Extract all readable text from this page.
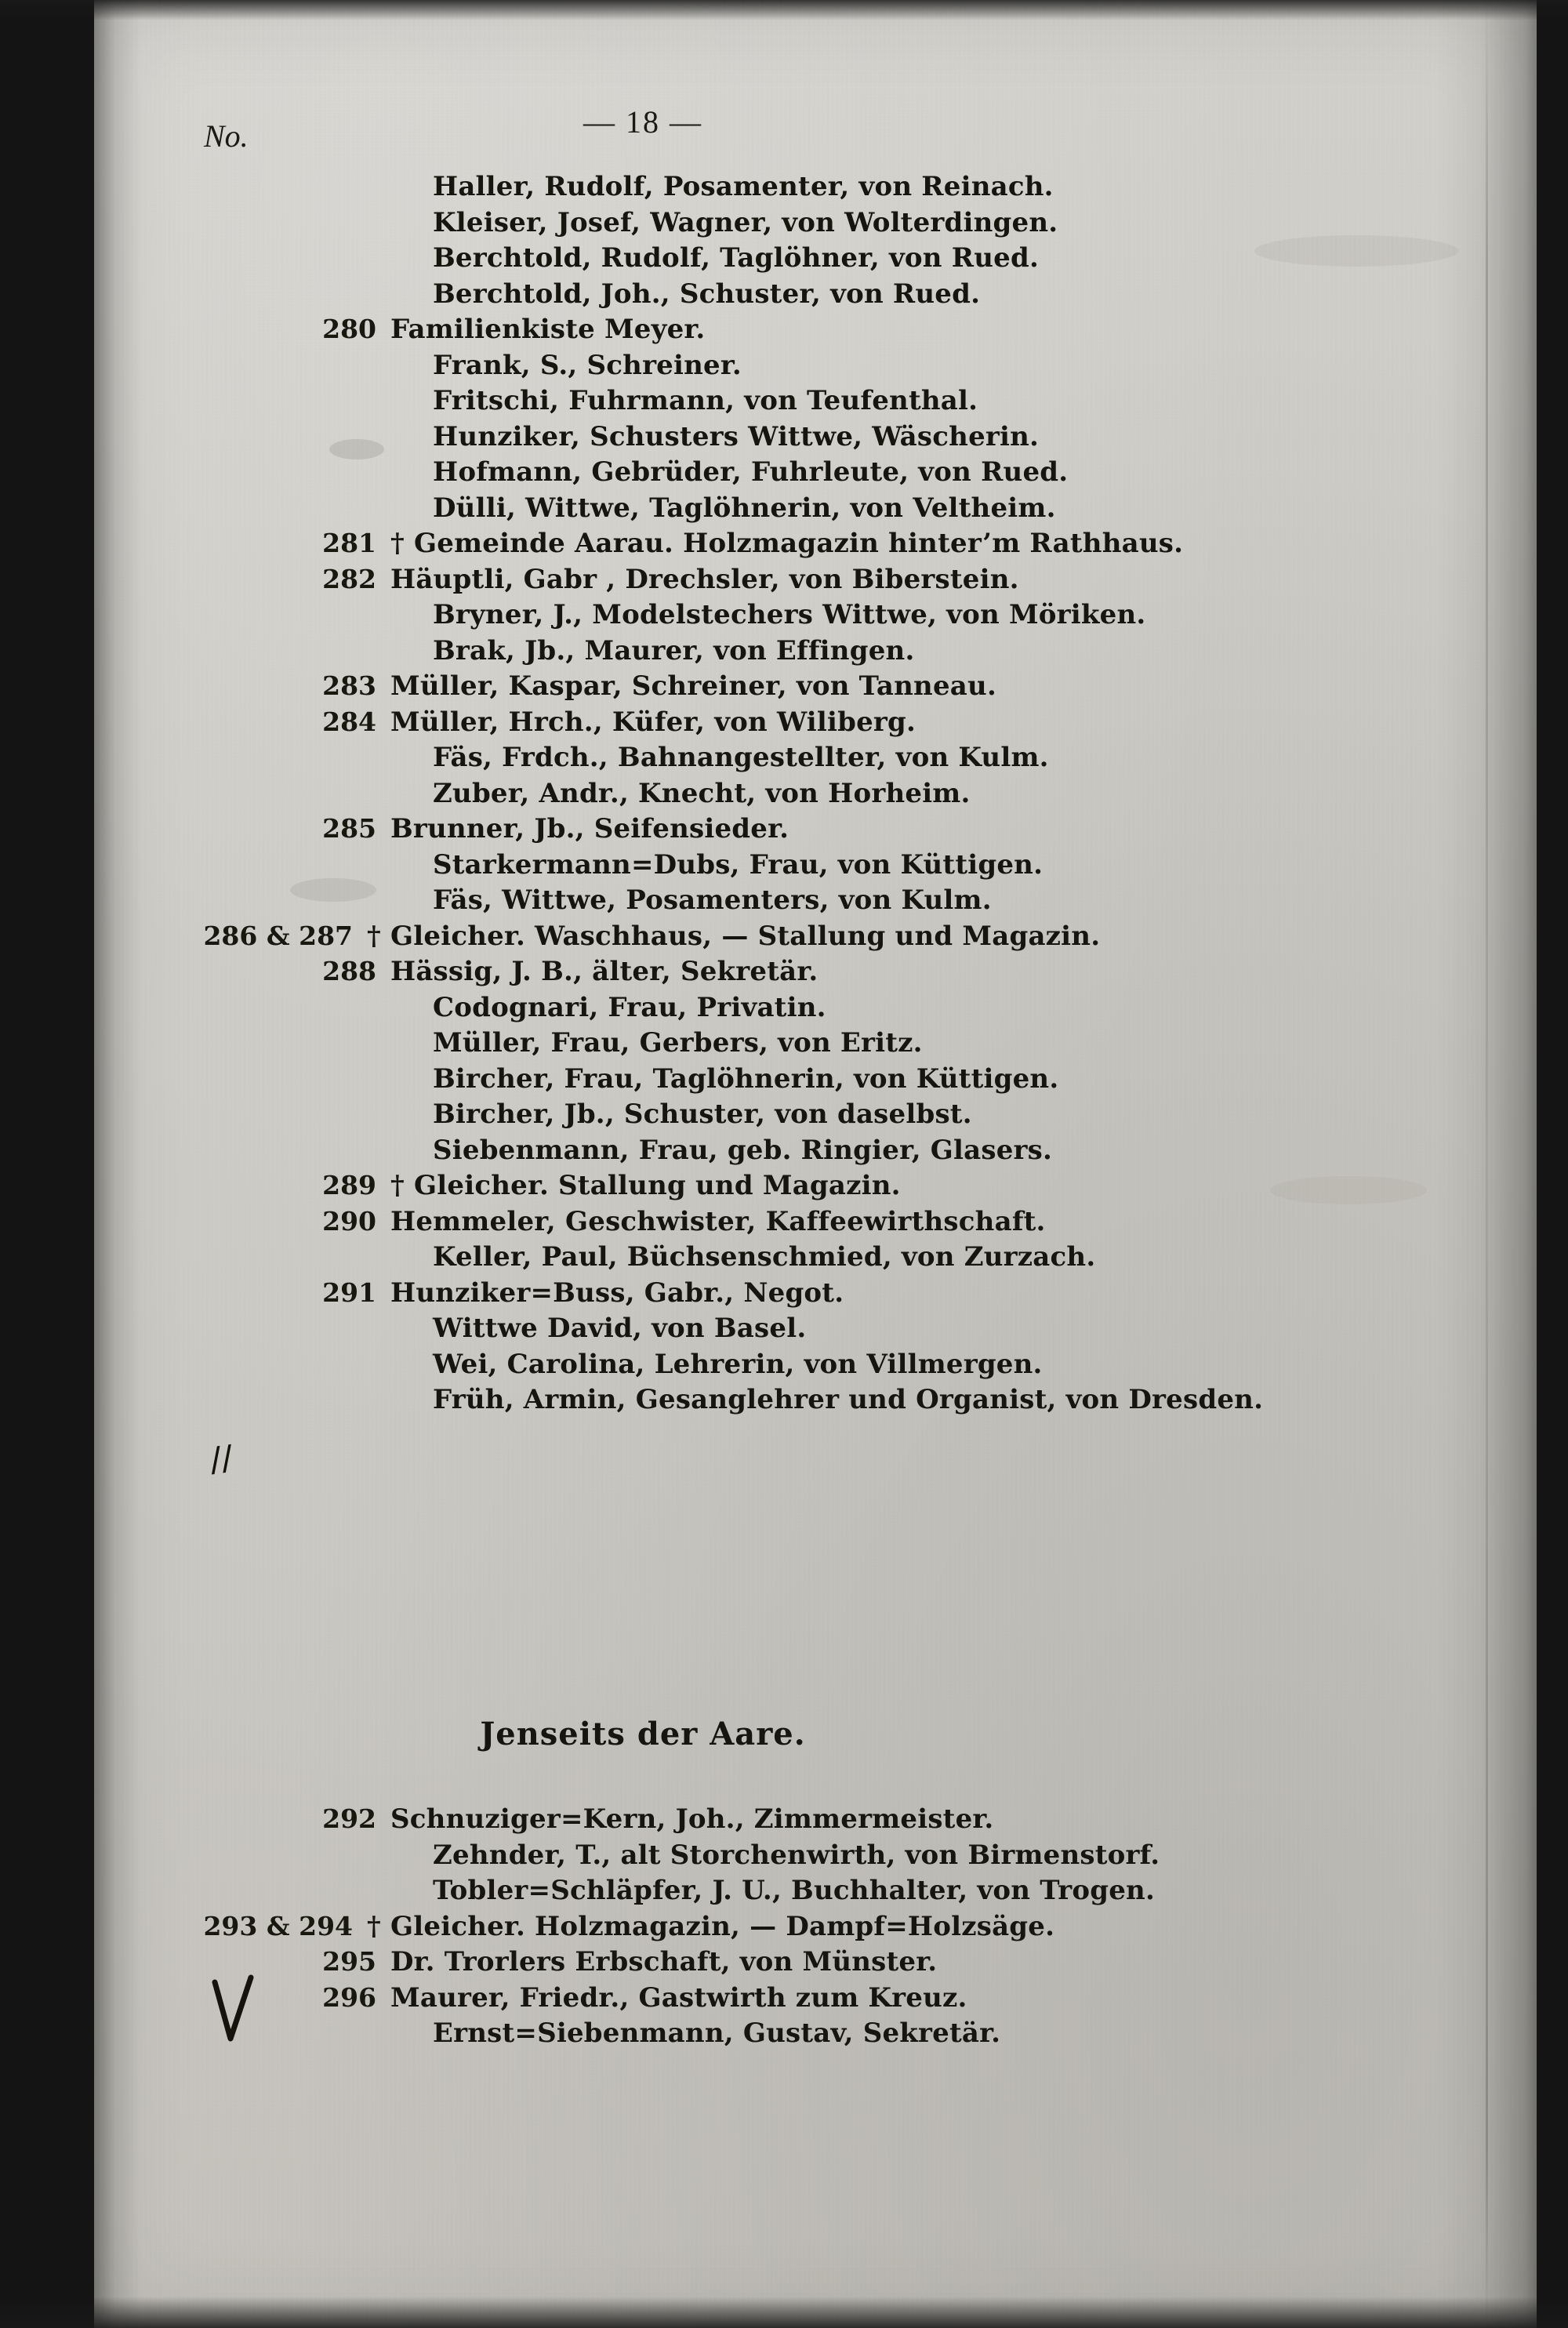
No.	— 18 —
Haller, Rudolf, Posamenter, von Reinach.
Kleiser, Josef, Wagner, von Wolterdingen.
Berchtold, Rudolf, Taglöhner, von Rued.
Berchtold, Joh., Schuster, von Rued.
280 Familienkiste Meyer.
Frank, S., Schreiner.
Fritschi, Fuhrmann, von Teufenthal.
Hunziker, Schusters Wittwe, Wäscherin.
Hofmann, Gebrüder, Fuhrleute, von Rued.
Dülli, Wittwe, Taglöhnerin, von Veltheim.
281 † Gemeinde Aarau. Holzmagazin hinter’m Rathhaus.
282 Häuptli, Gabr , Drechsler, von Biberstein.
Bryner, J., Modelstechers Wittwe, von Möriken.
Brak, Jb., Maurer, von Effingen.
283 Müller, Kaspar, Schreiner, von Tanneau.
284 Müller, Hrch., Küfer, von Wiliberg.
Fäs, Frdch., Bahnangestellter, von Kulm.
Zuber, Andr., Knecht, von Horheim.
285 Brunner, Jb., Seifensieder.
Starkermann=Dubs, Frau, von Küttigen.
Fäs, Wittwe, Posamenters, von Kulm.
286 & 287 † Gleicher. Waschhaus, — Stallung und Magazin.
288 Hässig, J. B., älter, Sekretär.
Codognari, Frau, Privatin.
Müller, Frau, Gerbers, von Eritz.
Bircher, Frau, Taglöhnerin, von Küttigen.
Bircher, Jb., Schuster, von daselbst.
Siebenmann, Frau, geb. Ringier, Glasers.
289 † Gleicher. Stallung und Magazin.
290 Hemmeler, Geschwister, Kaffeewirthschaft.
Keller, Paul, Büchsenschmied, von Zurzach.
291 Hunziker=Buss, Gabr., Negot.
Wittwe David, von Basel.
Wei, Carolina, Lehrerin, von Villmergen.
Früh, Armin, Gesanglehrer und Organist, von Dresden.
Jenseits der Aare.
292 Schnuziger=Kern, Joh., Zimmermeister.
Zehnder, T., alt Storchenwirth, von Birmenstorf.
Tobler=Schläpfer, J. U., Buchhalter, von Trogen.
293 & 294 † Gleicher. Holzmagazin, — Dampf=Holzsäge.
295 Dr. Trorlers Erbschaft, von Münster.
296 Maurer, Friedr., Gastwirth zum Kreuz.
Ernst=Siebenmann, Gustav, Sekretär.
//
